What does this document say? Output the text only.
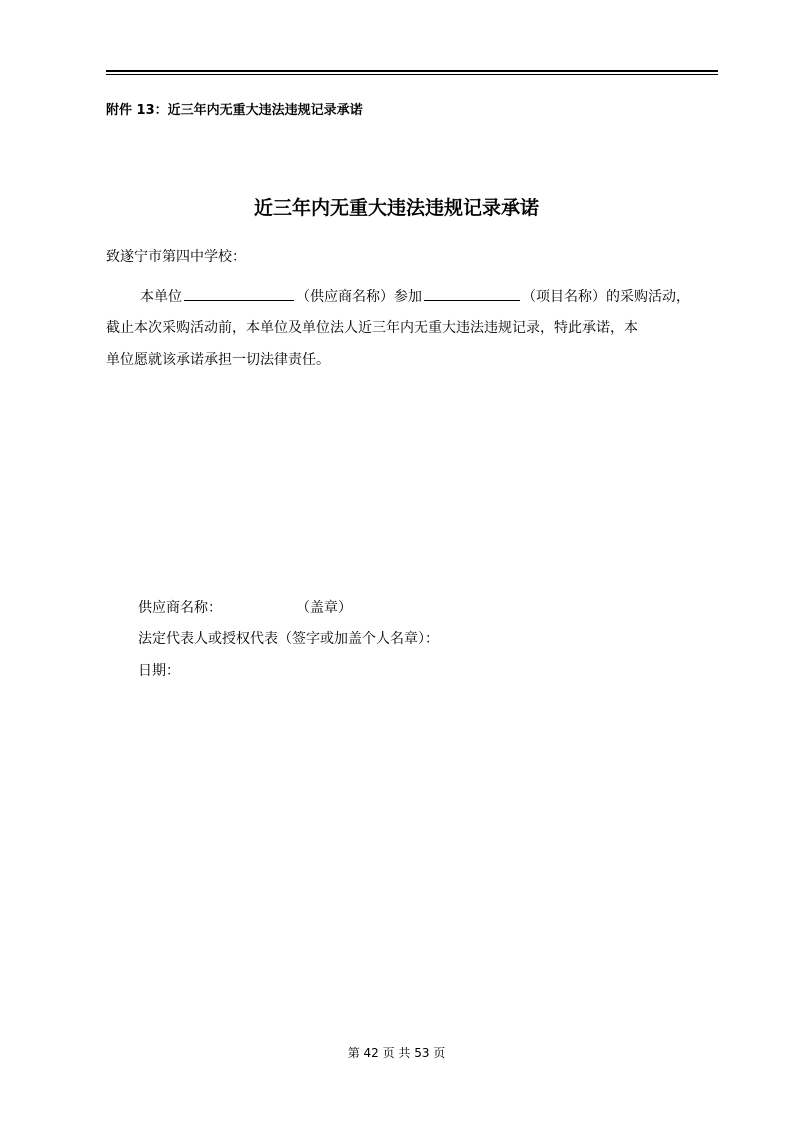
附件 13：近三年内无重大违法违规记录承诺
近三年内无重大违法违规记录承诺
致遂宁市第四中学校：
本单位	（供应商名称）参加	（项目名称）的采购活动，
截止本次采购活动前，本单位及单位法人近三年内无重大违法违规记录，特此承诺，本
单位愿就该承诺承担一切法律责任。
供应商名称：	（盖章）
法定代表人或授权代表（签字或加盖个人名章）：
日期：
第 42 页 共 53 页
